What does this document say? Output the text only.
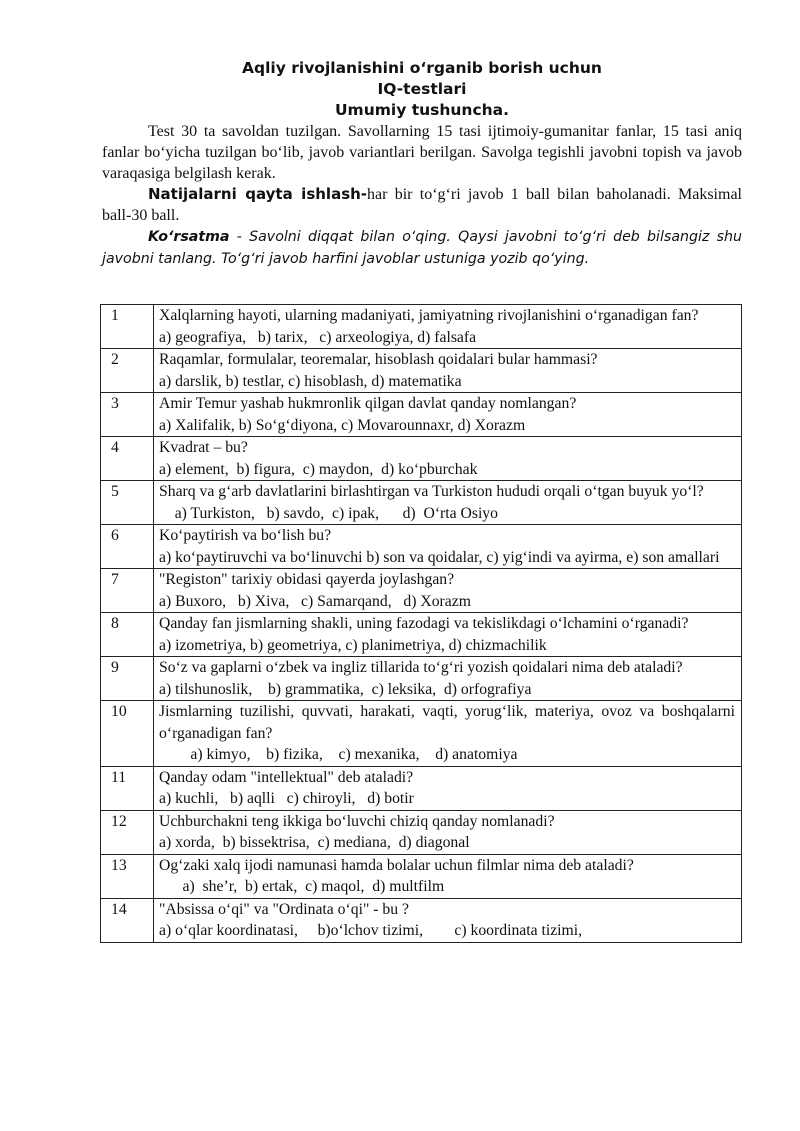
Aqliy rivojlanishini o‘rganib borish uchun
IQ-testlari
Umumiy tushuncha.
Test 30 ta savoldan tuzilgan. Savollarning 15 tasi ijtimoiy-gumanitar fanlar, 15 tasi aniq fanlar bo‘yicha tuzilgan bo‘lib, javob variantlari berilgan. Savolga tegishli javobni topish va javob varaqasiga belgilash kerak.
Natijalarni qayta ishlash-har bir to‘g‘ri javob 1 ball bilan baholanadi. Maksimal ball-30 ball.
Ko‘rsatma - Savolni diqqat bilan o‘qing. Qaysi javobni to‘g‘ri deb bilsangiz shu javobni tanlang. To‘g‘ri javob harfini javoblar ustuniga yozib qo‘ying.
1	Xalqlarning hayoti, ularning madaniyati, jamiyatning rivojlanishini o‘rganadigan fan?
a) geografiya,   b) tarix,   c) arxeologiya, d) falsafa

2	Raqamlar, formulalar, teoremalar, hisoblash qoidalari bular hammasi?
a) darslik, b) testlar, c) hisoblash, d) matematika

3	Amir Temur yashab hukmronlik qilgan davlat qanday nomlangan?
a) Xalifalik, b) So‘g‘diyona, c) Movarounnaxr, d) Xorazm

4	Kvadrat – bu?
a) element,  b) figura,  c) maydon,  d) ko‘pburchak

5	Sharq va g‘arb davlatlarini birlashtirgan va Turkiston hududi orqali o‘tgan buyuk yo‘l?
a) Turkiston,   b) savdo,  c) ipak,      d)  O‘rta Osiyo

6	Ko‘paytirish va bo‘lish bu?
a) ko‘paytiruvchi va bo‘linuvchi b) son va qoidalar, c) yig‘indi va ayirma, e) son amallari

7	"Registon" tarixiy obidasi qayerda joylashgan?
a) Buxoro,   b) Xiva,   c) Samarqand,   d) Xorazm

8	Qanday fan jismlarning shakli, uning fazodagi va tekislikdagi o‘lchamini o‘rganadi?
a) izometriya, b) geometriya, c) planimetriya, d) chizmachilik

9	So‘z va gaplarni o‘zbek va ingliz tillarida to‘g‘ri yozish qoidalari nima deb ataladi?
a) tilshunoslik,    b) grammatika,  c) leksika,  d) orfografiya

10	Jismlarning tuzilishi, quvvati, harakati, vaqti, yorug‘lik, materiya, ovoz va boshqalarni o‘rganadigan fan?
a) kimyo,    b) fizika,    c) mexanika,    d) anatomiya

11	Qanday odam "intellektual" deb ataladi?
a) kuchli,   b) aqlli   c) chiroyli,   d) botir

12	Uchburchakni teng ikkiga bo‘luvchi chiziq qanday nomlanadi?
a) xorda,  b) bissektrisa,  c) mediana,  d) diagonal

13	Og‘zaki xalq ijodi namunasi hamda bolalar uchun filmlar nima deb ataladi?
a)  she’r,  b) ertak,  c) maqol,  d) multfilm

14	"Absissa o‘qi" va "Ordinata o‘qi" - bu ?
a) o‘qlar koordinatasi,     b)o‘lchov tizimi,        c) koordinata tizimi,
